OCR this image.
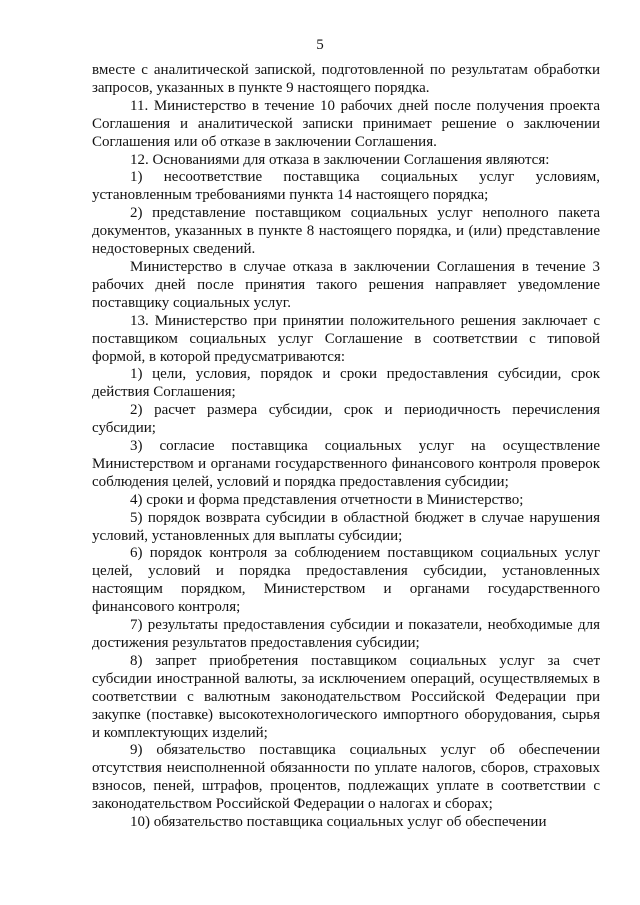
5

вместе с аналитической запиской, подготовленной по результатам обработки запросов, указанных в пункте 9 настоящего порядка.

11. Министерство в течение 10 рабочих дней после получения проекта Соглашения и аналитической записки принимает решение о заключении Соглашения или об отказе в заключении Соглашения.

12. Основаниями для отказа в заключении Соглашения являются:

1) несоответствие поставщика социальных услуг условиям, установленным требованиями пункта 14 настоящего порядка;

2) представление поставщиком социальных услуг неполного пакета документов, указанных в пункте 8 настоящего порядка, и (или) представление недостоверных сведений.

Министерство в случае отказа в заключении Соглашения в течение 3 рабочих дней после принятия такого решения направляет уведомление поставщику социальных услуг.

13. Министерство при принятии положительного решения заключает с поставщиком социальных услуг Соглашение в соответствии с типовой формой, в которой предусматриваются:

1) цели, условия, порядок и сроки предоставления субсидии, срок действия Соглашения;

2) расчет размера субсидии, срок и периодичность перечисления субсидии;

3) согласие поставщика социальных услуг на осуществление Министерством и органами государственного финансового контроля проверок соблюдения целей, условий и порядка предоставления субсидии;

4) сроки и форма представления отчетности в Министерство;

5) порядок возврата субсидии в областной бюджет в случае нарушения условий, установленных для выплаты субсидии;

6) порядок контроля за соблюдением поставщиком социальных услуг целей, условий и порядка предоставления субсидии, установленных настоящим порядком, Министерством и органами государственного финансового контроля;

7) результаты предоставления субсидии и показатели, необходимые для достижения результатов предоставления субсидии;

8) запрет приобретения поставщиком социальных услуг за счет субсидии иностранной валюты, за исключением операций, осуществляемых в соответствии с валютным законодательством Российской Федерации при закупке (поставке) высокотехнологического импортного оборудования, сырья и комплектующих изделий;

9) обязательство поставщика социальных услуг об обеспечении отсутствия неисполненной обязанности по уплате налогов, сборов, страховых взносов, пеней, штрафов, процентов, подлежащих уплате в соответствии с законодательством Российской Федерации о налогах и сборах;

10) обязательство поставщика социальных услуг об обеспечении
